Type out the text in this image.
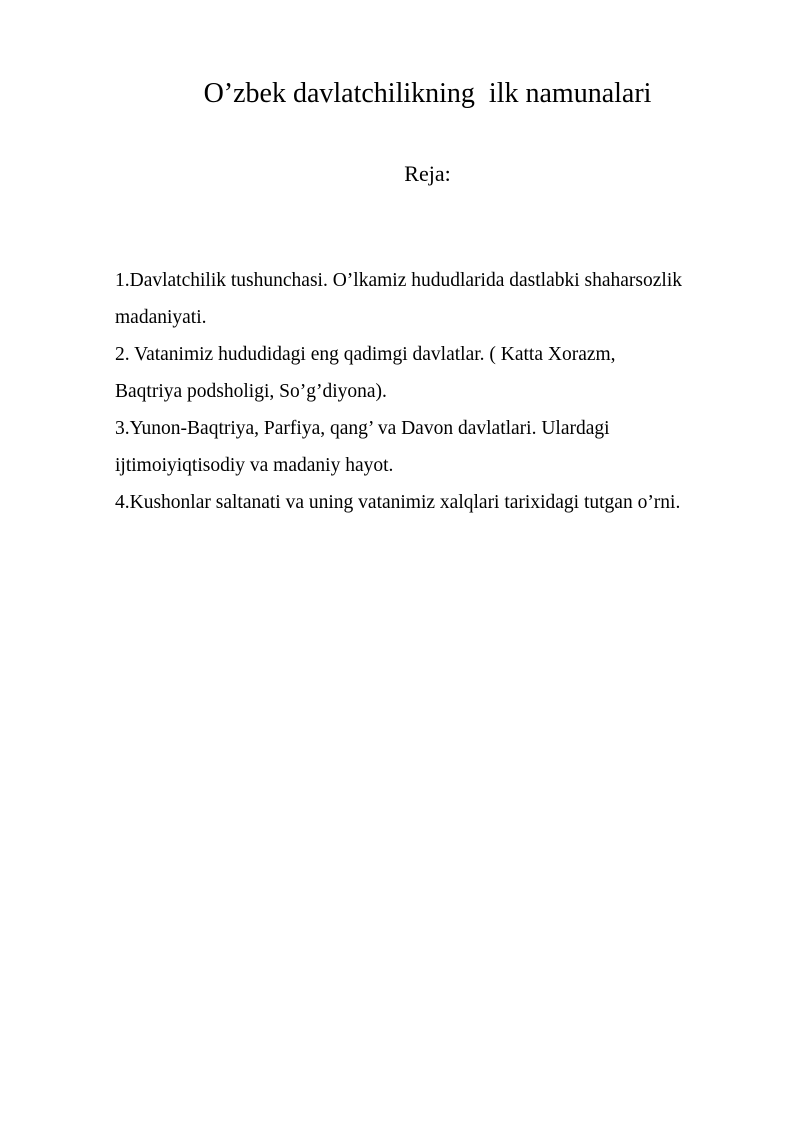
O’zbek davlatchilikning  ilk namunalari
Reja:
1.Davlatchilik tushunchasi. O’lkamiz hududlarida dastlabki shaharsozlik
madaniyati.
2. Vatanimiz hududidagi eng qadimgi davlatlar. ( Katta Xorazm,
Baqtriya podsholigi, So’g’diyona).
3.Yunon-Baqtriya, Parfiya, qang’ va Davon davlatlari. Ulardagi
ijtimoiyiqtisodiy va madaniy hayot.
4.Kushonlar saltanati va uning vatanimiz xalqlari tarixidagi tutgan o’rni.
